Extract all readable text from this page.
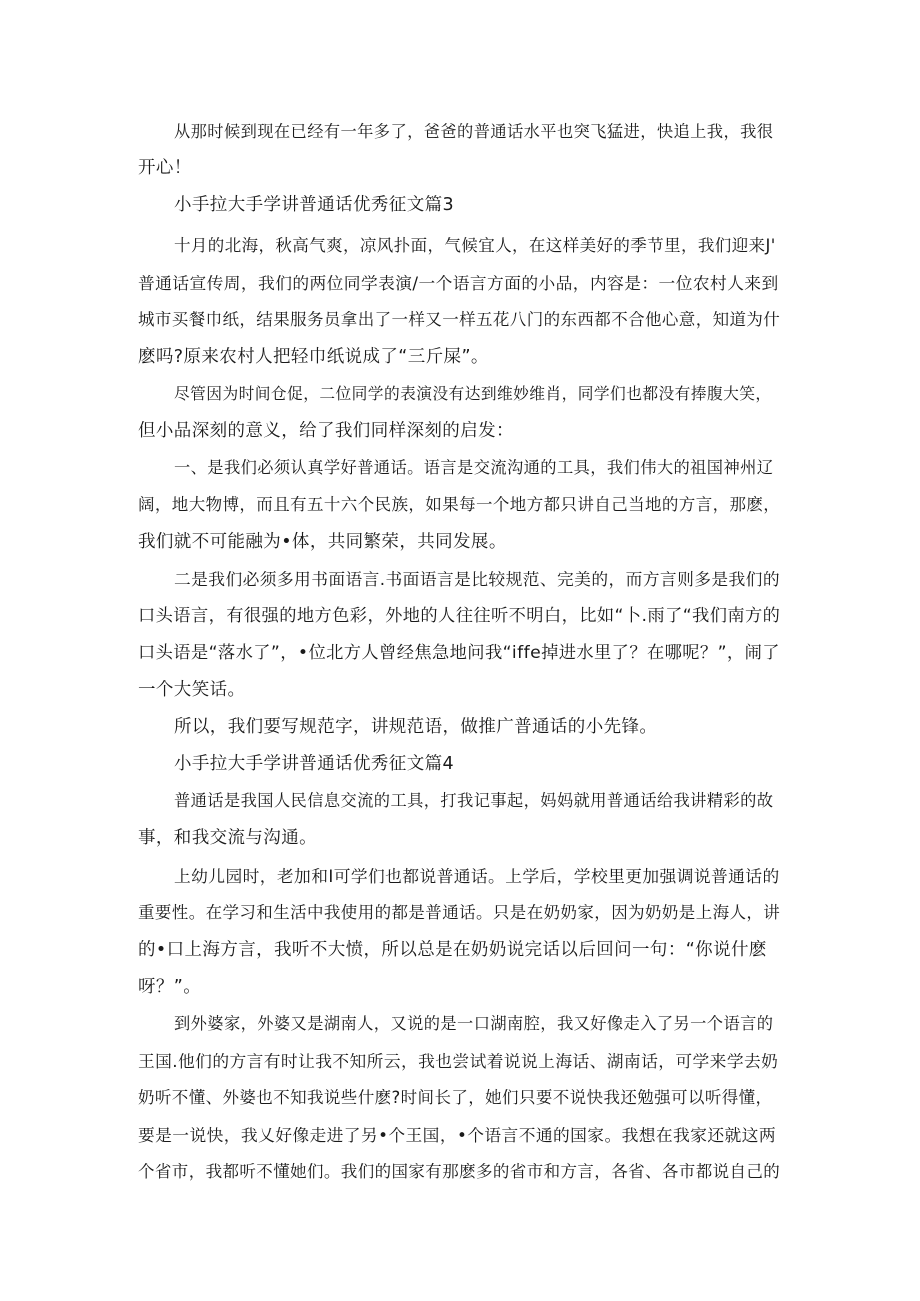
从那时候到现在已经有一年多了，爸爸的普通话水平也突飞猛进，快追上我，我很
开心！
小手拉大手学讲普通话优秀征文篇3
十月的北海，秋高气爽，凉风扑面，气候宜人，在这样美好的季节里，我们迎来J'
普通话宣传周，我们的两位同学表演/一个语言方面的小品，内容是：一位农村人来到
城市买餐巾纸，结果服务员拿出了一样又一样五花八门的东西都不合他心意，知道为什
麽吗?原来农村人把轻巾纸说成了“三斤屎”。
尽管因为时间仓促，二位同学的表演没有达到维妙维肖，同学们也都没有捧腹大笑，
但小品深刻的意义，给了我们同样深刻的启发：
一、是我们必须认真学好普通话。语言是交流沟通的工具，我们伟大的祖国神州辽
阔，地大物博，而且有五十六个民族，如果每一个地方都只讲自己当地的方言，那麽，
我们就不可能融为•体，共同繁荣，共同发展。
二是我们必须多用书面语言.书面语言是比较规范、完美的，而方言则多是我们的
口头语言，有很强的地方色彩，外地的人往往听不明白，比如“卜.雨了“我们南方的
口头语是“落水了”，•位北方人曾经焦急地问我“iffe掉进水里了？在哪呢？”，闹了
一个大笑话。
所以，我们要写规范字，讲规范语，做推广普通话的小先锋。
小手拉大手学讲普通话优秀征文篇4
普通话是我国人民信息交流的工具，打我记事起，妈妈就用普通话给我讲精彩的故
事，和我交流与沟通。
上幼儿园时，老加和I可学们也都说普通话。上学后，学校里更加强调说普通话的
重要性。在学习和生活中我使用的都是普通话。只是在奶奶家，因为奶奶是上海人，讲
的•口上海方言，我听不大愤，所以总是在奶奶说完话以后回问一句：“你说什麽
呀？”。
到外婆家，外婆又是湖南人，又说的是一口湖南腔，我又好像走入了另一个语言的
王国.他们的方言有时让我不知所云，我也尝试着说说上海话、湖南话，可学来学去奶
奶听不懂、外婆也不知我说些什麽?时间长了，她们只要不说快我还勉强可以听得懂，
要是一说快，我乂好像走进了另•个王国，•个语言不通的国家。我想在我家还就这两
个省市，我都听不懂她们。我们的国家有那麽多的省市和方言，各省、各市都说自己的
